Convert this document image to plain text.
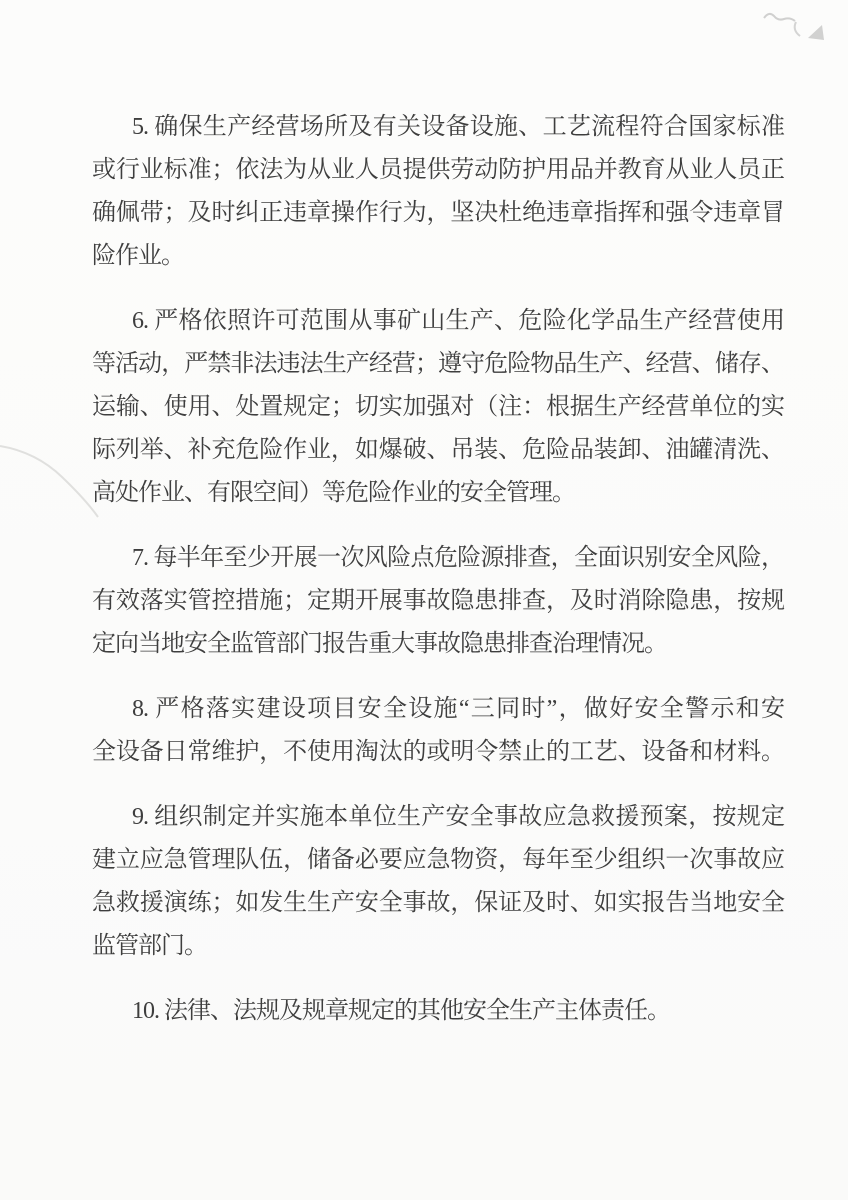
5. 确保生产经营场所及有关设备设施、工艺流程符合国家标准
或行业标准；依法为从业人员提供劳动防护用品并教育从业人员正
确佩带；及时纠正违章操作行为，坚决杜绝违章指挥和强令违章冒
险作业。
6. 严格依照许可范围从事矿山生产、危险化学品生产经营使用
等活动，严禁非法违法生产经营；遵守危险物品生产、经营、储存、
运输、使用、处置规定；切实加强对（注：根据生产经营单位的实
际列举、补充危险作业，如爆破、吊装、危险品装卸、油罐清洗、
高处作业、有限空间）等危险作业的安全管理。
7. 每半年至少开展一次风险点危险源排查，全面识别安全风险，
有效落实管控措施；定期开展事故隐患排查，及时消除隐患，按规
定向当地安全监管部门报告重大事故隐患排查治理情况。
8. 严格落实建设项目安全设施“三同时”，做好安全警示和安
全设备日常维护，不使用淘汰的或明令禁止的工艺、设备和材料。
9. 组织制定并实施本单位生产安全事故应急救援预案，按规定
建立应急管理队伍，储备必要应急物资，每年至少组织一次事故应
急救援演练；如发生生产安全事故，保证及时、如实报告当地安全
监管部门。
10. 法律、法规及规章规定的其他安全生产主体责任。
